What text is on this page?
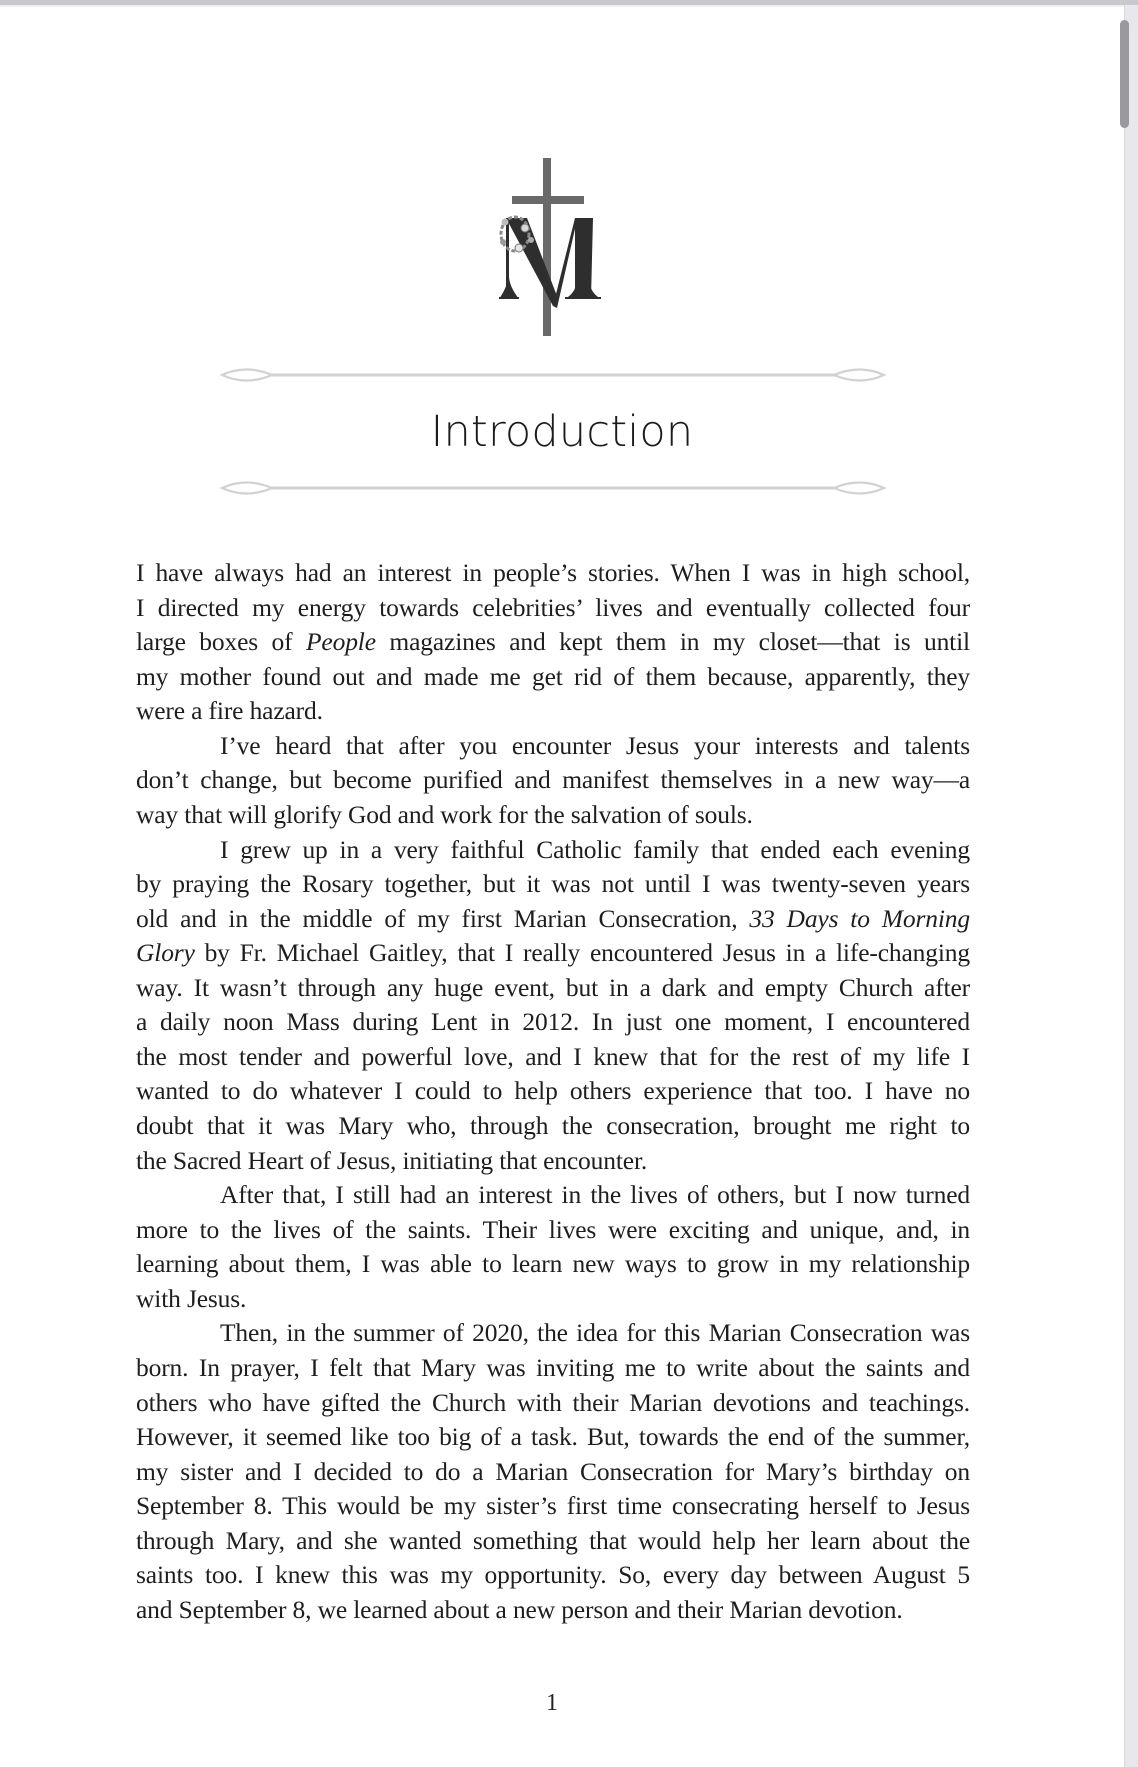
Introduction
I have always had an interest in people’s stories. When I was in high school,
I directed my energy towards celebrities’ lives and eventually collected four
large boxes of People magazines and kept them in my closet—that is until
my mother found out and made me get rid of them because, apparently, they
were a fire hazard.
I’ve heard that after you encounter Jesus your interests and talents
don’t change, but become purified and manifest themselves in a new way—a
way that will glorify God and work for the salvation of souls.
I grew up in a very faithful Catholic family that ended each evening
by praying the Rosary together, but it was not until I was twenty-seven years
old and in the middle of my first Marian Consecration, 33 Days to Morning
Glory by Fr. Michael Gaitley, that I really encountered Jesus in a life-changing
way. It wasn’t through any huge event, but in a dark and empty Church after
a daily noon Mass during Lent in 2012. In just one moment, I encountered
the most tender and powerful love, and I knew that for the rest of my life I
wanted to do whatever I could to help others experience that too. I have no
doubt that it was Mary who, through the consecration, brought me right to
the Sacred Heart of Jesus, initiating that encounter.
After that, I still had an interest in the lives of others, but I now turned
more to the lives of the saints. Their lives were exciting and unique, and, in
learning about them, I was able to learn new ways to grow in my relationship
with Jesus.
Then, in the summer of 2020, the idea for this Marian Consecration was
born. In prayer, I felt that Mary was inviting me to write about the saints and
others who have gifted the Church with their Marian devotions and teachings.
However, it seemed like too big of a task. But, towards the end of the summer,
my sister and I decided to do a Marian Consecration for Mary’s birthday on
September 8. This would be my sister’s first time consecrating herself to Jesus
through Mary, and she wanted something that would help her learn about the
saints too. I knew this was my opportunity. So, every day between August 5
and September 8, we learned about a new person and their Marian devotion.
1
